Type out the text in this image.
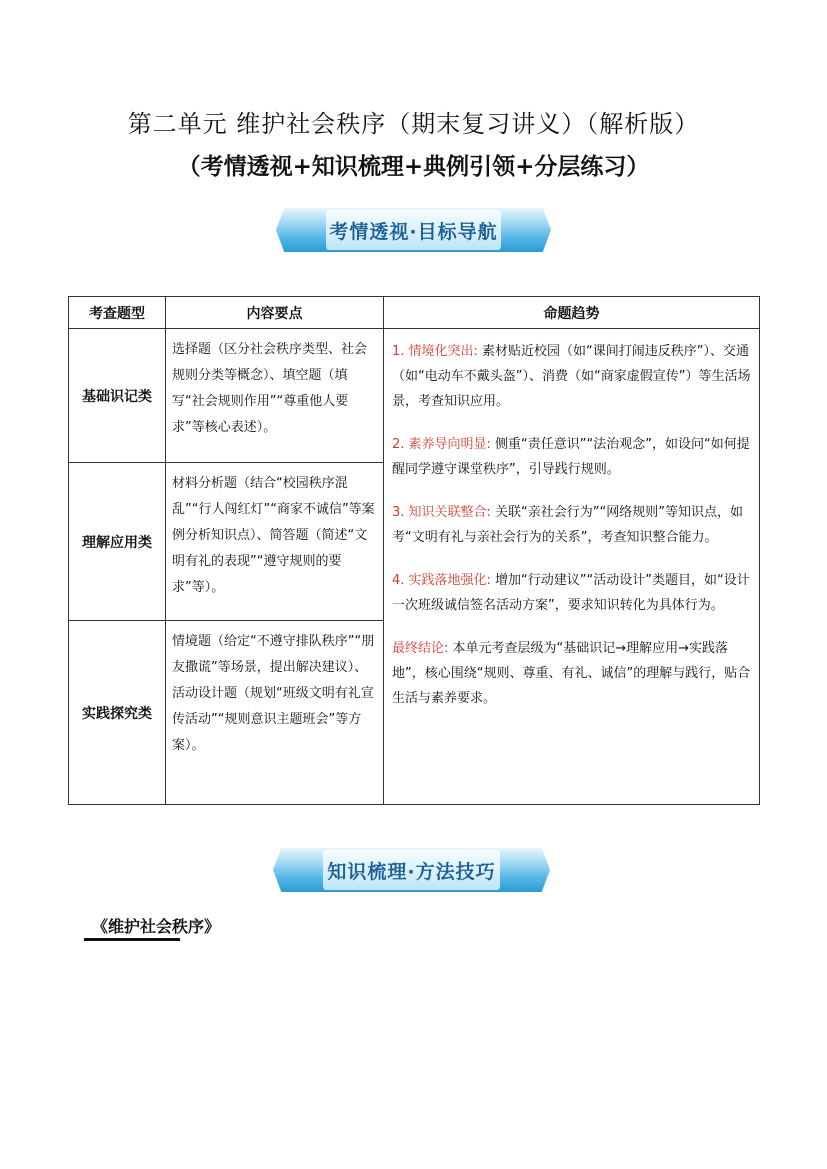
第二单元 维护社会秩序（期末复习讲义）（解析版）
（考情透视+知识梳理+典例引领+分层练习）
考情透视·目标导航
考查题型	内容要点	命题趋势
基础识记类	选择题（区分社会秩序类型、社会规则分类等概念）、填空题（填写“社会规则作用”“尊重他人要求”等核心表述）。	1. 情境化突出: 素材贴近校园（如“课间打闹违反秩序”）、交通（如“电动车不戴头盔”）、消费（如“商家虚假宣传”）等生活场景，考查知识应用。

2. 素养导向明显: 侧重“责任意识”“法治观念”，如设问“如何提醒同学遵守课堂秩序”，引导践行规则。

3. 知识关联整合: 关联“亲社会行为”“网络规则”等知识点，如考“文明有礼与亲社会行为的关系”，考查知识整合能力。

4. 实践落地强化: 增加“行动建议”“活动设计”类题目，如“设计一次班级诚信签名活动方案”，要求知识转化为具体行为。

最终结论: 本单元考查层级为“基础识记→理解应用→实践落地”，核心围绕“规则、尊重、有礼、诚信”的理解与践行，贴合生活与素养要求。

理解应用类	材料分析题（结合“校园秩序混乱”“行人闯红灯”“商家不诚信”等案例分析知识点）、简答题（简述“文明有礼的表现”“遵守规则的要求”等）。	
实践探究类	情境题（给定“不遵守排队秩序”“朋友撒谎”等场景，提出解决建议）、活动设计题（规划“班级文明有礼宣传活动”“规则意识主题班会”等方案）。	
知识梳理·方法技巧
《维护社会秩序》
